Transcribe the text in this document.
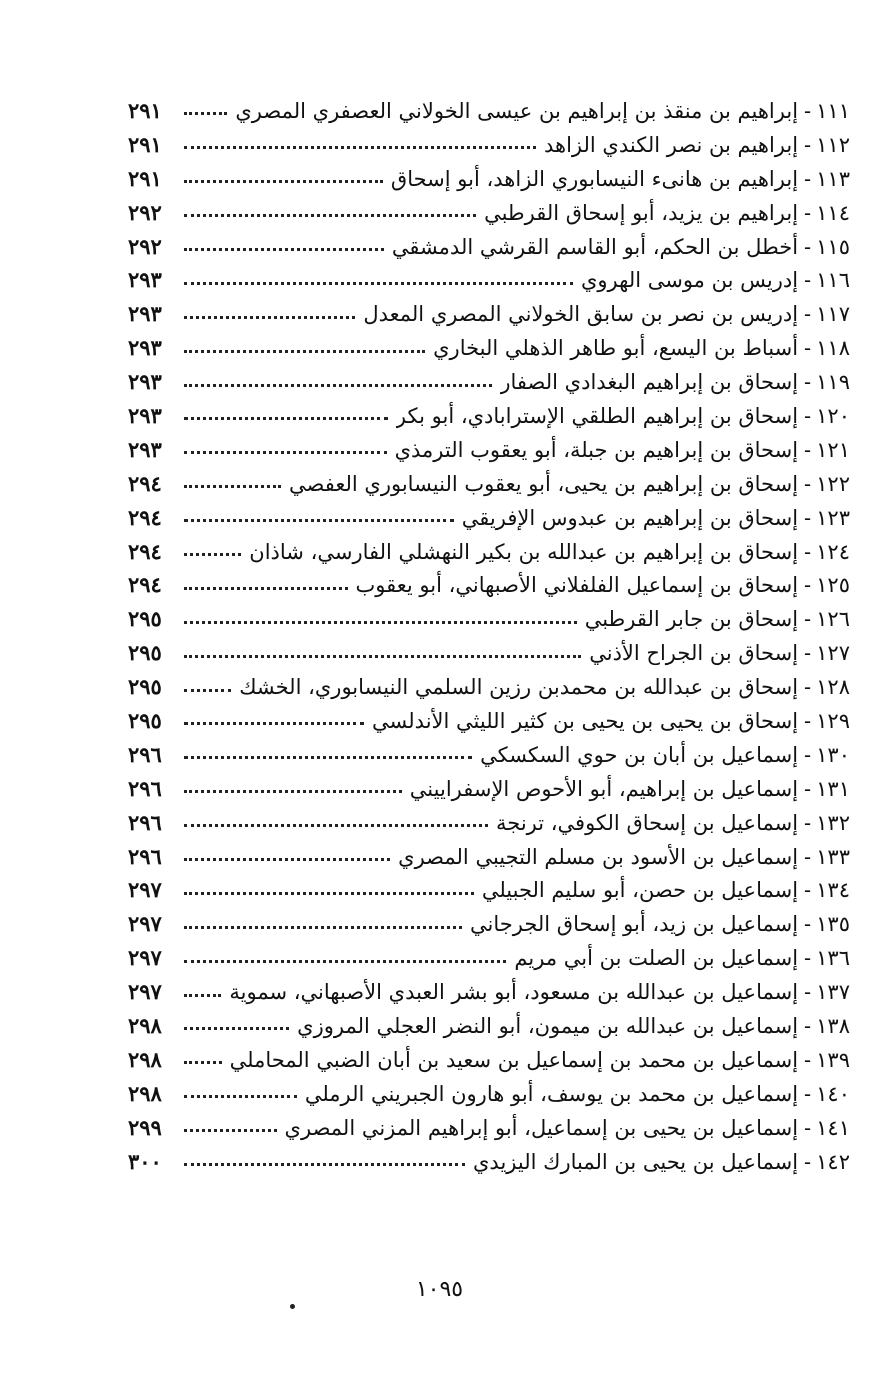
١١١
-
إبراهيم بن منقذ بن إبراهيم بن عيسى الخولاني العصفري المصري
٢٩١
١١٢
-
إبراهيم بن نصر الكندي الزاهد
٢٩١
١١٣
-
إبراهيم بن هانىء النيسابوري الزاهد، أبو إسحاق
٢٩١
١١٤
-
إبراهيم بن يزيد، أبو إسحاق القرطبي
٢٩٢
١١٥
-
أخطل بن الحكم، أبو القاسم القرشي الدمشقي
٢٩٢
١١٦
-
إدريس بن موسى الهروي
٢٩٣
١١٧
-
إدريس بن نصر بن سابق الخولاني المصري المعدل
٢٩٣
١١٨
-
أسباط بن اليسع، أبو طاهر الذهلي البخاري
٢٩٣
١١٩
-
إسحاق بن إبراهيم البغدادي الصفار
٢٩٣
١٢٠
-
إسحاق بن إبراهيم الطلقي الإسترابادي، أبو بكر
٢٩٣
١٢١
-
إسحاق بن إبراهيم بن جبلة، أبو يعقوب الترمذي
٢٩٣
١٢٢
-
إسحاق بن إبراهيم بن يحيى، أبو يعقوب النيسابوري العفصي
٢٩٤
١٢٣
-
إسحاق بن إبراهيم بن عبدوس الإفريقي
٢٩٤
١٢٤
-
إسحاق بن إبراهيم بن عبدالله بن بكير النهشلي الفارسي، شاذان
٢٩٤
١٢٥
-
إسحاق بن إسماعيل الفلفلاني الأصبهاني، أبو يعقوب
٢٩٤
١٢٦
-
إسحاق بن جابر القرطبي
٢٩٥
١٢٧
-
إسحاق بن الجراح الأذني
٢٩٥
١٢٨
-
إسحاق بن عبدالله بن محمدبن رزين السلمي النيسابوري، الخشك
٢٩٥
١٢٩
-
إسحاق بن يحيى بن يحيى بن كثير الليثي الأندلسي
٢٩٥
١٣٠
-
إسماعيل بن أبان بن حوي السكسكي
٢٩٦
١٣١
-
إسماعيل بن إبراهيم، أبو الأحوص الإسفراييني
٢٩٦
١٣٢
-
إسماعيل بن إسحاق الكوفي، ترنجة
٢٩٦
١٣٣
-
إسماعيل بن الأسود بن مسلم التجيبي المصري
٢٩٦
١٣٤
-
إسماعيل بن حصن، أبو سليم الجبيلي
٢٩٧
١٣٥
-
إسماعيل بن زيد، أبو إسحاق الجرجاني
٢٩٧
١٣٦
-
إسماعيل بن الصلت بن أبي مريم
٢٩٧
١٣٧
-
إسماعيل بن عبدالله بن مسعود، أبو بشر العبدي الأصبهاني، سموية
٢٩٧
١٣٨
-
إسماعيل بن عبدالله بن ميمون، أبو النضر العجلي المروزي
٢٩٨
١٣٩
-
إسماعيل بن محمد بن إسماعيل بن سعيد بن أبان الضبي المحاملي
٢٩٨
١٤٠
-
إسماعيل بن محمد بن يوسف، أبو هارون الجبريني الرملي
٢٩٨
١٤١
-
إسماعيل بن يحيى بن إسماعيل، أبو إبراهيم المزني المصري
٢٩٩
١٤٢
-
إسماعيل بن يحيى بن المبارك اليزيدي
٣٠٠
١٠٩٥
